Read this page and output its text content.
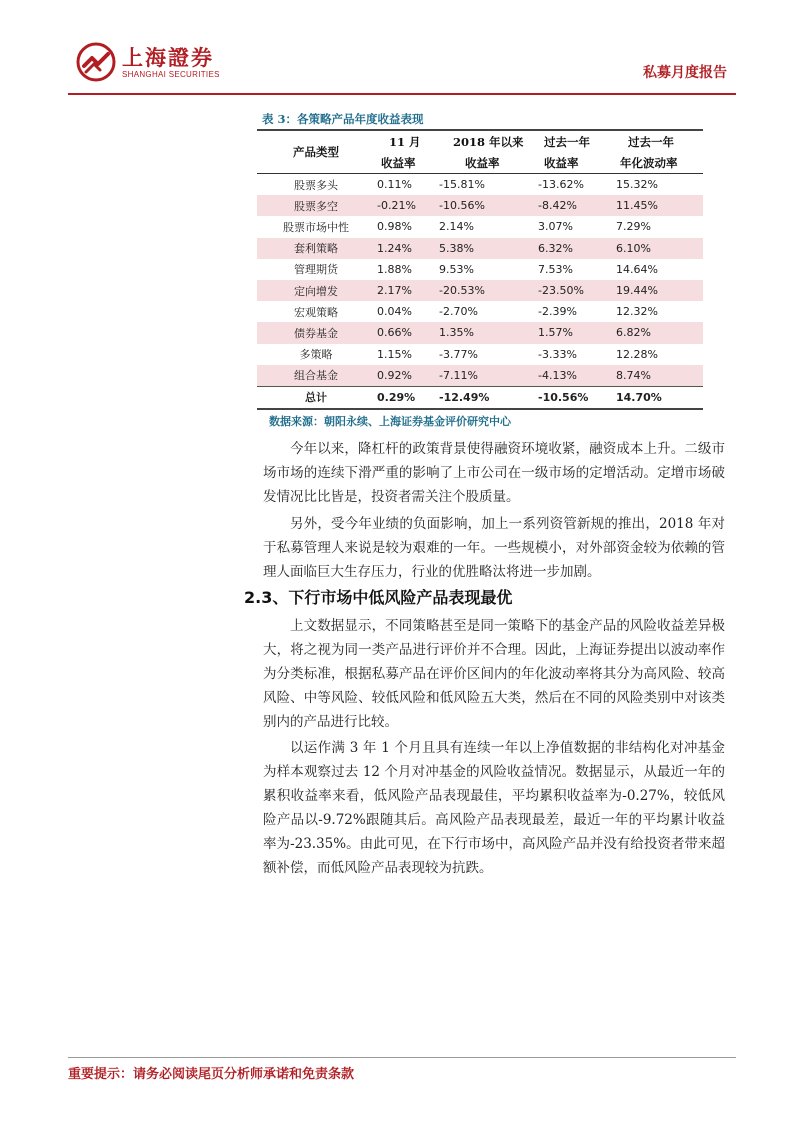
上海證券
SHANGHAI SECURITIES	私募月度报告
表 3：各策略产品年度收益表现
产品类型	11 月	2018 年以来	过去一年	过去一年
	收益率	收益率	收益率	年化波动率
股票多头	0.11%	-15.81%	-13.62%	15.32%
股票多空	-0.21%	-10.56%	-8.42%	11.45%
股票市场中性	0.98%	2.14%	3.07%	7.29%
套利策略	1.24%	5.38%	6.32%	6.10%
管理期货	1.88%	9.53%	7.53%	14.64%
定向增发	2.17%	-20.53%	-23.50%	19.44%
宏观策略	0.04%	-2.70%	-2.39%	12.32%
债券基金	0.66%	1.35%	1.57%	6.82%
多策略	1.15%	-3.77%	-3.33%	12.28%
组合基金	0.92%	-7.11%	-4.13%	8.74%
总计	0.29%	-12.49%	-10.56%	14.70%
数据来源：朝阳永续、上海证券基金评价研究中心
今年以来，降杠杆的政策背景使得融资环境收紧，融资成本上升。二级市场市场的连续下滑严重的影响了上市公司在一级市场的定增活动。定增市场破发情况比比皆是，投资者需关注个股质量。
另外，受今年业绩的负面影响，加上一系列资管新规的推出，2018 年对于私募管理人来说是较为艰难的一年。一些规模小，对外部资金较为依赖的管理人面临巨大生存压力，行业的优胜略汰将进一步加剧。
2.3、下行市场中低风险产品表现最优
上文数据显示，不同策略甚至是同一策略下的基金产品的风险收益差异极大，将之视为同一类产品进行评价并不合理。因此，上海证券提出以波动率作为分类标准，根据私募产品在评价区间内的年化波动率将其分为高风险、较高风险、中等风险、较低风险和低风险五大类，然后在不同的风险类别中对该类别内的产品进行比较。
以运作满 3 年 1 个月且具有连续一年以上净值数据的非结构化对冲基金为样本观察过去 12 个月对冲基金的风险收益情况。数据显示，从最近一年的累积收益率来看，低风险产品表现最佳，平均累积收益率为-0.27%，较低风险产品以-9.72%跟随其后。高风险产品表现最差，最近一年的平均累计收益率为-23.35%。由此可见，在下行市场中，高风险产品并没有给投资者带来超额补偿，而低风险产品表现较为抗跌。
重要提示：请务必阅读尾页分析师承诺和免责条款
